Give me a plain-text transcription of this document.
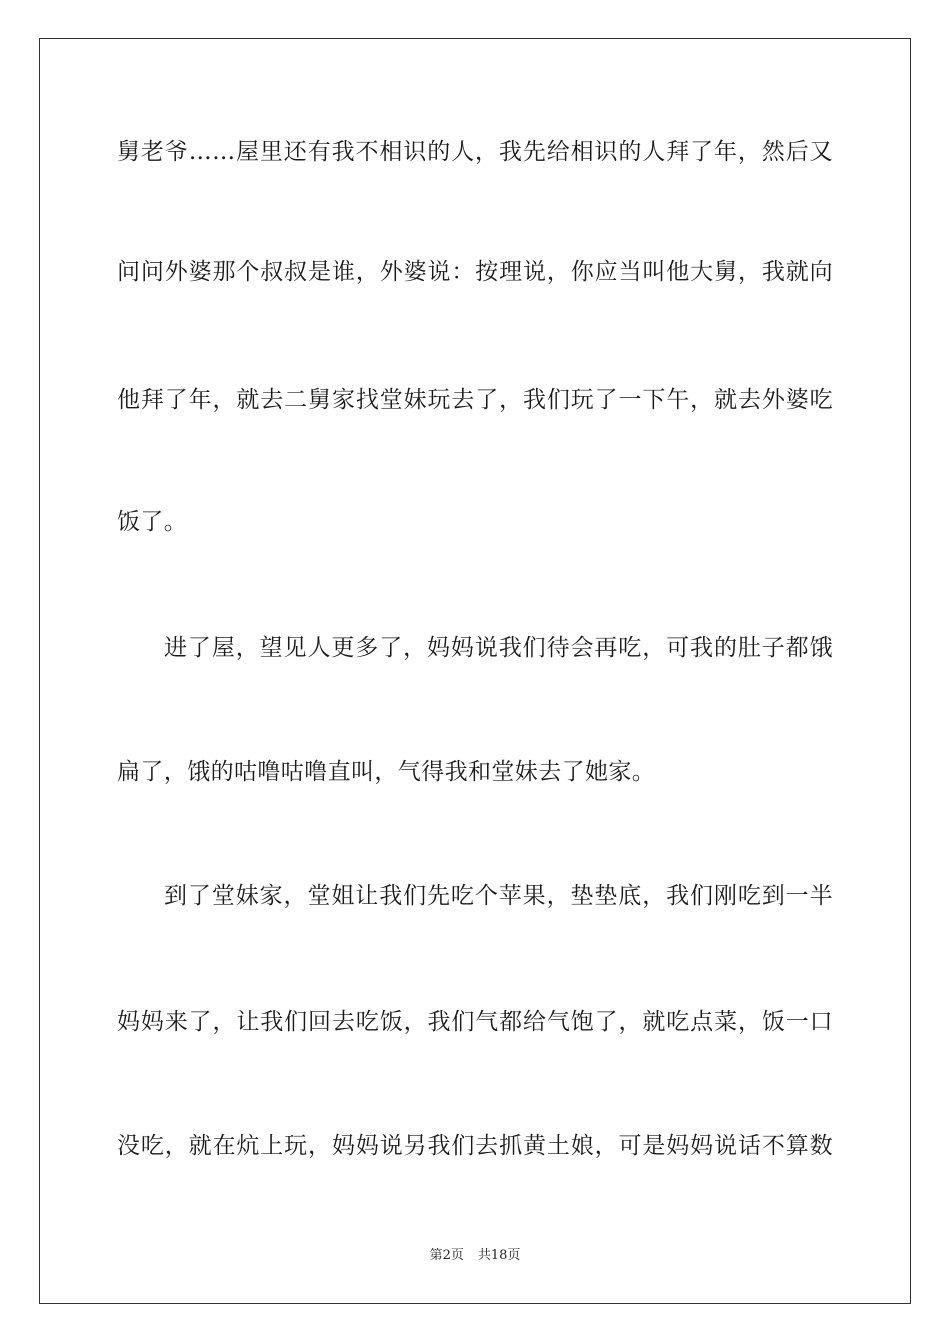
舅老爷……屋里还有我不相识的人，我先给相识的人拜了年，然后又
问问外婆那个叔叔是谁，外婆说：按理说，你应当叫他大舅，我就向
他拜了年，就去二舅家找堂妹玩去了，我们玩了一下午，就去外婆吃
饭了。
进了屋，望见人更多了，妈妈说我们待会再吃，可我的肚子都饿
扁了，饿的咕噜咕噜直叫，气得我和堂妹去了她家。
到了堂妹家，堂姐让我们先吃个苹果，垫垫底，我们刚吃到一半
妈妈来了，让我们回去吃饭，我们气都给气饱了，就吃点菜，饭一口
没吃，就在炕上玩，妈妈说另我们去抓黄土娘，可是妈妈说话不算数
第2页 共18页
